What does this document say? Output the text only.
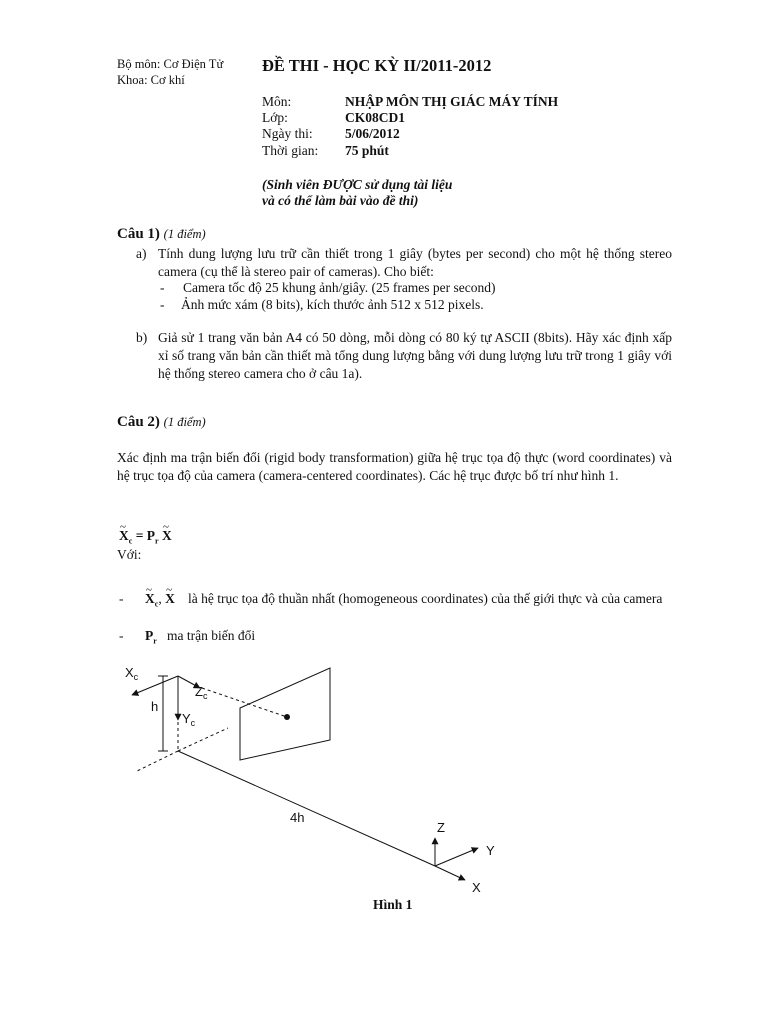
Bộ môn: Cơ Điện Tử
Khoa: Cơ khí
ĐỀ THI - HỌC KỲ II/2011-2012
Môn:	NHẬP MÔN THỊ GIÁC MÁY TÍNH
Lớp:	CK08CD1
Ngày thi: 5/06/2012
Thời gian: 75 phút
(Sinh viên ĐƯỢC sử dụng tài liệu
và có thể làm bài vào đề thi)
Câu 1) (1 điểm)
a) Tính dung lượng lưu trữ cần thiết trong 1 giây (bytes per second) cho một hệ thống stereo camera (cụ thể là stereo pair of cameras). Cho biết:
- Camera tốc độ 25 khung ảnh/giây. (25 frames per second)
- Ảnh mức xám (8 bits), kích thước ảnh 512 x 512 pixels.
b) Giả sử 1 trang văn bản A4 có 50 dòng, mỗi dòng có 80 ký tự ASCII (8bits). Hãy xác định xấp xỉ số trang văn bản cần thiết mà tổng dung lượng bằng với dung lượng lưu trữ trong 1 giây với hệ thống stereo camera cho ở câu 1a).
Câu 2) (1 điểm)
Xác định ma trận biến đổi (rigid body transformation) giữa hệ trục tọa độ thực (word coordinates) và hệ trục tọa độ của camera (camera-centered coordinates). Các hệ trục được bố trí như hình 1.
~ $X_c = P_r$ ~ X
Với:
- ~ $X_c$, ~ X là hệ trục tọa độ thuần nhất (homogeneous coordinates) của thế giới thực và của camera
- $P_r$ ma trận biến đổi
$X_c$
$Z_c$
$Y_c$
h
4h
Z
Y
X
Hình 1
